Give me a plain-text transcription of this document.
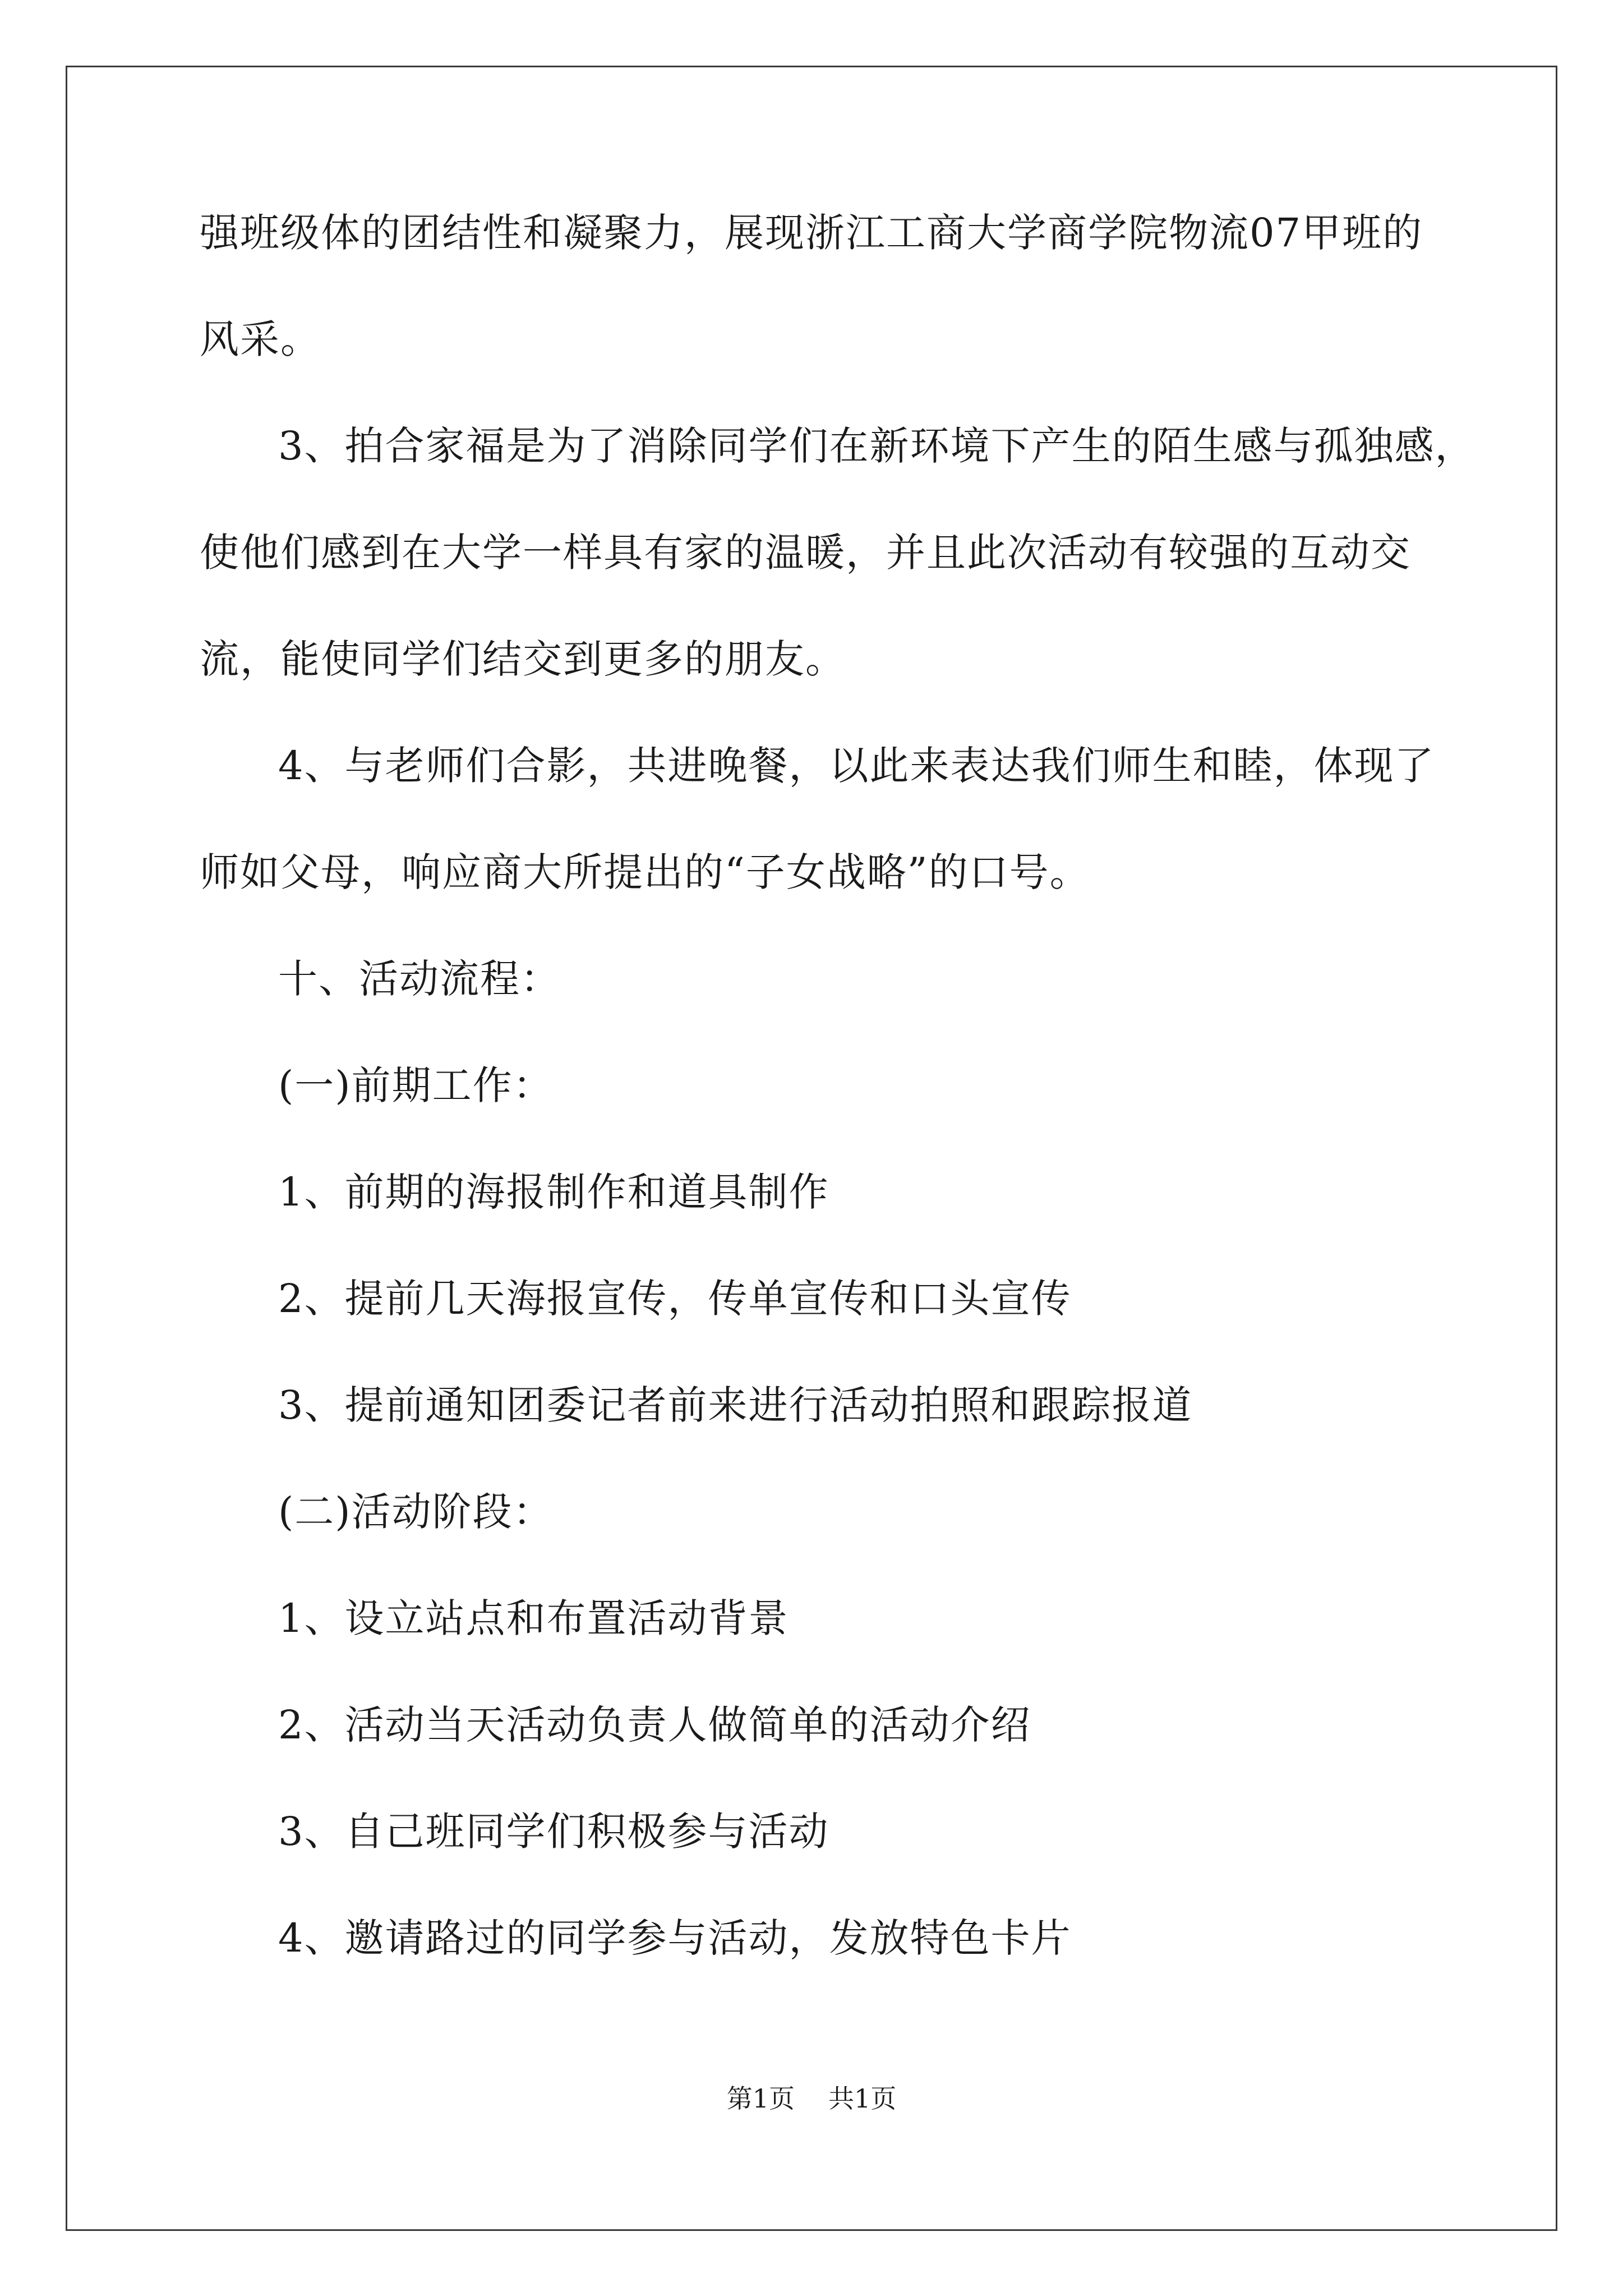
强班级体的团结性和凝聚力，展现浙江工商大学商学院物流07甲班的
风采。
3、拍合家福是为了消除同学们在新环境下产生的陌生感与孤独感，
使他们感到在大学一样具有家的温暖，并且此次活动有较强的互动交
流，能使同学们结交到更多的朋友。
4、与老师们合影，共进晚餐，以此来表达我们师生和睦，体现了
师如父母，响应商大所提出的“子女战略”的口号。
十、活动流程：
(一)前期工作：
1、前期的海报制作和道具制作
2、提前几天海报宣传，传单宣传和口头宣传
3、提前通知团委记者前来进行活动拍照和跟踪报道
(二)活动阶段：
1、设立站点和布置活动背景
2、活动当天活动负责人做简单的活动介绍
3、自己班同学们积极参与活动
4、邀请路过的同学参与活动，发放特色卡片
第1页 共1页
